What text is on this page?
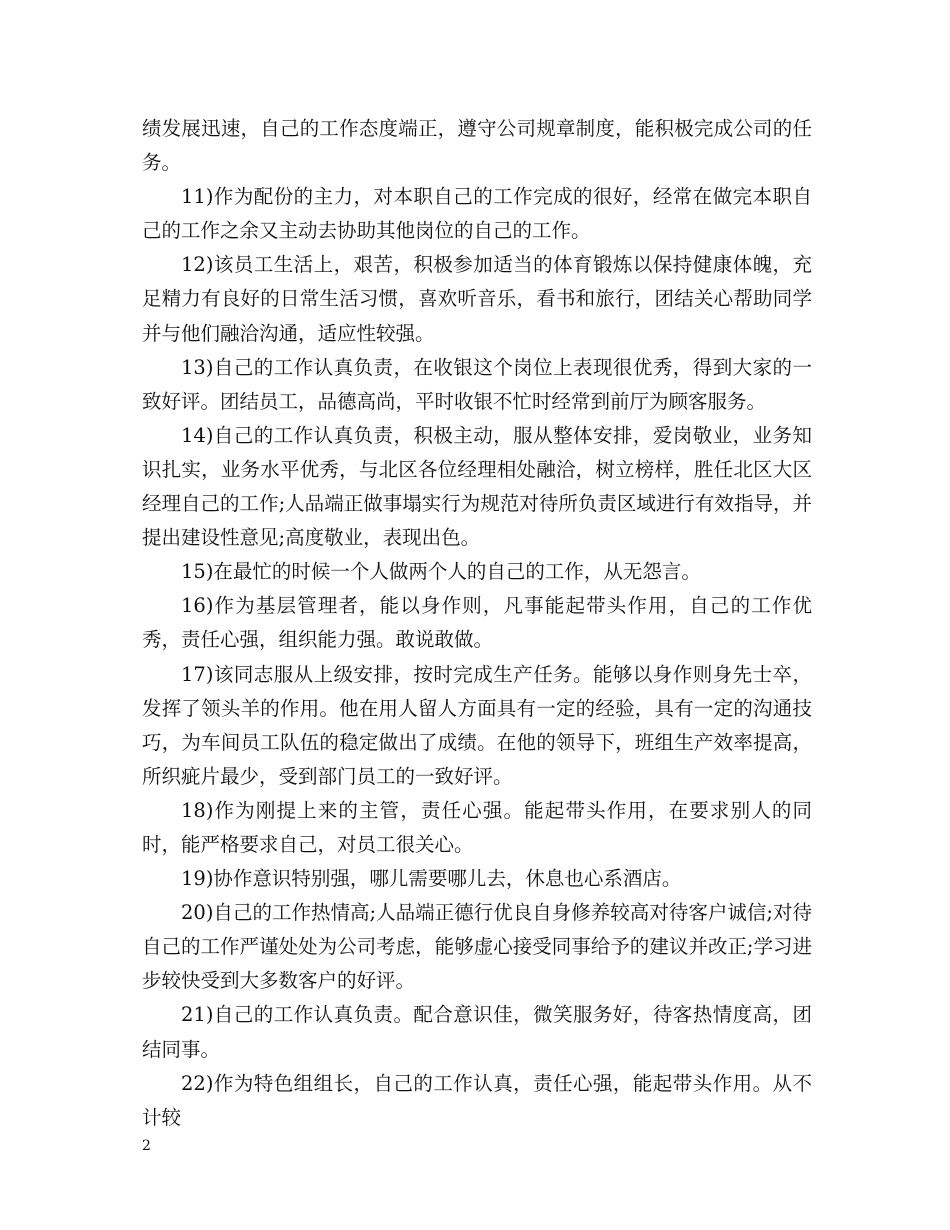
绩发展迅速，自己的工作态度端正，遵守公司规章制度，能积极完成公司的任务。

11)作为配份的主力，对本职自己的工作完成的很好，经常在做完本职自己的工作之余又主动去协助其他岗位的自己的工作。

12)该员工生活上，艰苦，积极参加适当的体育锻炼以保持健康体魄，充足精力有良好的日常生活习惯，喜欢听音乐，看书和旅行，团结关心帮助同学并与他们融洽沟通，适应性较强。

13)自己的工作认真负责，在收银这个岗位上表现很优秀，得到大家的一致好评。团结员工，品德高尚，平时收银不忙时经常到前厅为顾客服务。

14)自己的工作认真负责，积极主动，服从整体安排，爱岗敬业，业务知识扎实，业务水平优秀，与北区各位经理相处融洽，树立榜样，胜任北区大区经理自己的工作;人品端正做事塌实行为规范对待所负责区域进行有效指导，并提出建设性意见;高度敬业，表现出色。

15)在最忙的时候一个人做两个人的自己的工作，从无怨言。

16)作为基层管理者，能以身作则，凡事能起带头作用，自己的工作优秀，责任心强，组织能力强。敢说敢做。

17)该同志服从上级安排，按时完成生产任务。能够以身作则身先士卒，发挥了领头羊的作用。他在用人留人方面具有一定的经验，具有一定的沟通技巧，为车间员工队伍的稳定做出了成绩。在他的领导下，班组生产效率提高，所织疵片最少，受到部门员工的一致好评。

18)作为刚提上来的主管，责任心强。能起带头作用，在要求别人的同时，能严格要求自己，对员工很关心。

19)协作意识特别强，哪儿需要哪儿去，休息也心系酒店。

20)自己的工作热情高;人品端正德行优良自身修养较高对待客户诚信;对待自己的工作严谨处处为公司考虑，能够虚心接受同事给予的建议并改正;学习进步较快受到大多数客户的好评。

21)自己的工作认真负责。配合意识佳，微笑服务好，待客热情度高，团结同事。

22)作为特色组组长，自己的工作认真，责任心强，能起带头作用。从不计较

2
